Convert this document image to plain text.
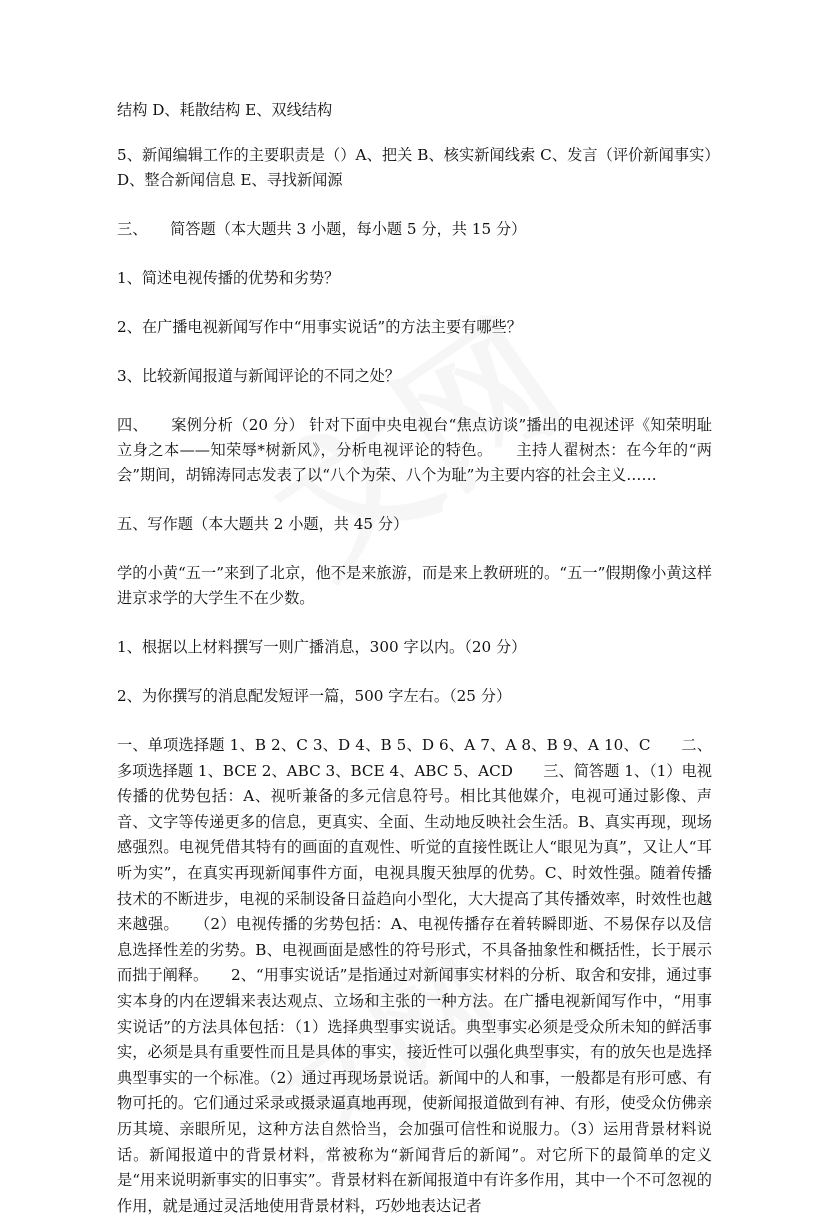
结构 D、耗散结构 E、双线结构

5、新闻编辑工作的主要职责是（）A、把关 B、核实新闻线索 C、发言（评价新闻事实）D、整合新闻信息 E、寻找新闻源

三、　　简答题（本大题共 3 小题，每小题 5 分，共 15 分）

1、简述电视传播的优势和劣势？

2、在广播电视新闻写作中“用事实说话”的方法主要有哪些？

3、比较新闻报道与新闻评论的不同之处？

四、　　案例分析（20 分） 针对下面中央电视台“焦点访谈”播出的电视述评《知荣明耻立身之本——知荣辱*树新风》，分析电视评论的特色。　　主持人翟树杰：在今年的“两会”期间，胡锦涛同志发表了以“八个为荣、八个为耻”为主要内容的社会主义……

五、写作题（本大题共 2 小题，共 45 分）

学的小黄“五一”来到了北京，他不是来旅游，而是来上教研班的。“五一”假期像小黄这样进京求学的大学生不在少数。

1、根据以上材料撰写一则广播消息，300 字以内。（20 分）

2、为你撰写的消息配发短评一篇，500 字左右。（25 分）

一、单项选择题 1、B 2、C 3、D 4、B 5、D 6、A 7、A 8、B 9、A 10、C　　二、多项选择题 1、BCE 2、ABC 3、BCE 4、ABC 5、ACD　　三、简答题 1、（1）电视传播的优势包括：A、视听兼备的多元信息符号。相比其他媒介，电视可通过影像、声音、文字等传递更多的信息，更真实、全面、生动地反映社会生活。B、真实再现，现场感强烈。电视凭借其特有的画面的直观性、听觉的直接性既让人“眼见为真”，又让人“耳听为实”，在真实再现新闻事件方面，电视具腹天独厚的优势。C、时效性强。随着传播技术的不断进步，电视的采制设备日益趋向小型化，大大提高了其传播效率，时效性也越来越强。　　（2）电视传播的劣势包括：A、电视传播存在着转瞬即逝、不易保存以及信息选择性差的劣势。B、电视画面是感性的符号形式，不具备抽象性和概括性，长于展示而拙于阐释。　　2、“用事实说话”是指通过对新闻事实材料的分析、取舍和安排，通过事实本身的内在逻辑来表达观点、立场和主张的一种方法。在广播电视新闻写作中，“用事实说话”的方法具体包括：（1）选择典型事实说话。典型事实必须是受众所未知的鲜活事实，必须是具有重要性而且是具体的事实，接近性可以强化典型事实，有的放矢也是选择典型事实的一个标准。（2）通过再现场景说话。新闻中的人和事，一般都是有形可感、有物可托的。它们通过采录或摄录逼真地再现，使新闻报道做到有神、有形，使受众仿佛亲历其境、亲眼所见，这种方法自然恰当，会加强可信性和说服力。（3）运用背景材料说话。新闻报道中的背景材料，常被称为“新闻背后的新闻”。对它所下的最简单的定义是“用来说明新事实的旧事实”。背景材料在新闻报道中有许多作用，其中一个不可忽视的作用，就是通过灵活地使用背景材料，巧妙地表达记者
